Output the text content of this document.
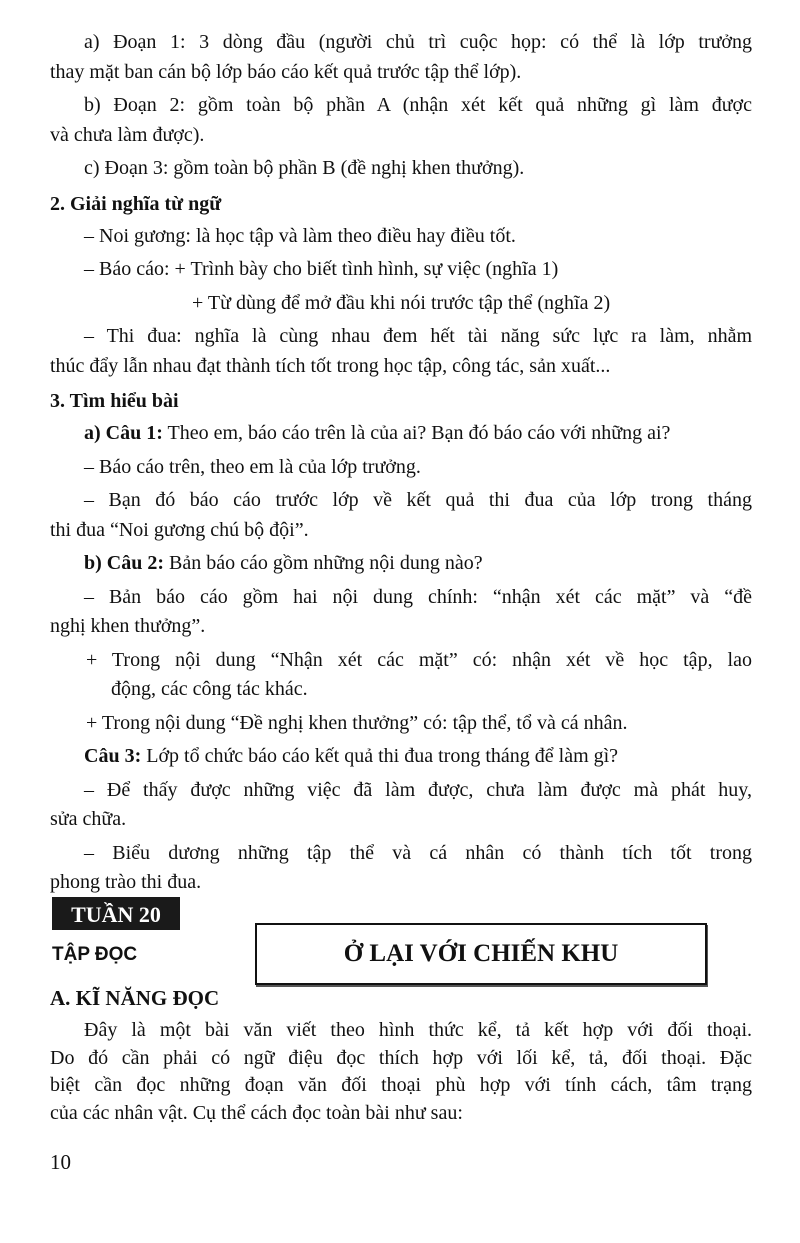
a) Đoạn 1: 3 dòng đầu (người chủ trì cuộc họp: có thể là lớp trưởng
thay mặt ban cán bộ lớp báo cáo kết quả trước tập thể lớp).
b) Đoạn 2: gồm toàn bộ phần A (nhận xét kết quả những gì làm được
và chưa làm được).
c) Đoạn 3: gồm toàn bộ phần B (đề nghị khen thưởng).
2. Giải nghĩa từ ngữ
– Noi gương: là học tập và làm theo điều hay điều tốt.
– Báo cáo: + Trình bày cho biết tình hình, sự việc (nghĩa 1)
+ Từ dùng để mở đầu khi nói trước tập thể (nghĩa 2)
– Thi đua: nghĩa là cùng nhau đem hết tài năng sức lực ra làm, nhằm
thúc đẩy lẫn nhau đạt thành tích tốt trong học tập, công tác, sản xuất...
3. Tìm hiểu bài
a) Câu 1: Theo em, báo cáo trên là của ai? Bạn đó báo cáo với những ai?
– Báo cáo trên, theo em là của lớp trưởng.
– Bạn đó báo cáo trước lớp về kết quả thi đua của lớp trong tháng
thi đua “Noi gương chú bộ đội”.
b) Câu 2: Bản báo cáo gồm những nội dung nào?
– Bản báo cáo gồm hai nội dung chính: “nhận xét các mặt” và “đề
nghị khen thưởng”.
+ Trong nội dung “Nhận xét các mặt” có: nhận xét về học tập, lao
động, các công tác khác.
+ Trong nội dung “Đề nghị khen thưởng” có: tập thể, tổ và cá nhân.
Câu 3: Lớp tổ chức báo cáo kết quả thi đua trong tháng để làm gì?
– Để thấy được những việc đã làm được, chưa làm được mà phát huy,
sửa chữa.
– Biểu dương những tập thể và cá nhân có thành tích tốt trong
phong trào thi đua.
TUẦN 20
TẬP ĐỌC	Ở LẠI VỚI CHIẾN KHU
A. KĨ NĂNG ĐỌC
Đây là một bài văn viết theo hình thức kể, tả kết hợp với đối thoại.
Do đó cần phải có ngữ điệu đọc thích hợp với lối kể, tả, đối thoại. Đặc
biệt cần đọc những đoạn văn đối thoại phù hợp với tính cách, tâm trạng
của các nhân vật. Cụ thể cách đọc toàn bài như sau:
10
